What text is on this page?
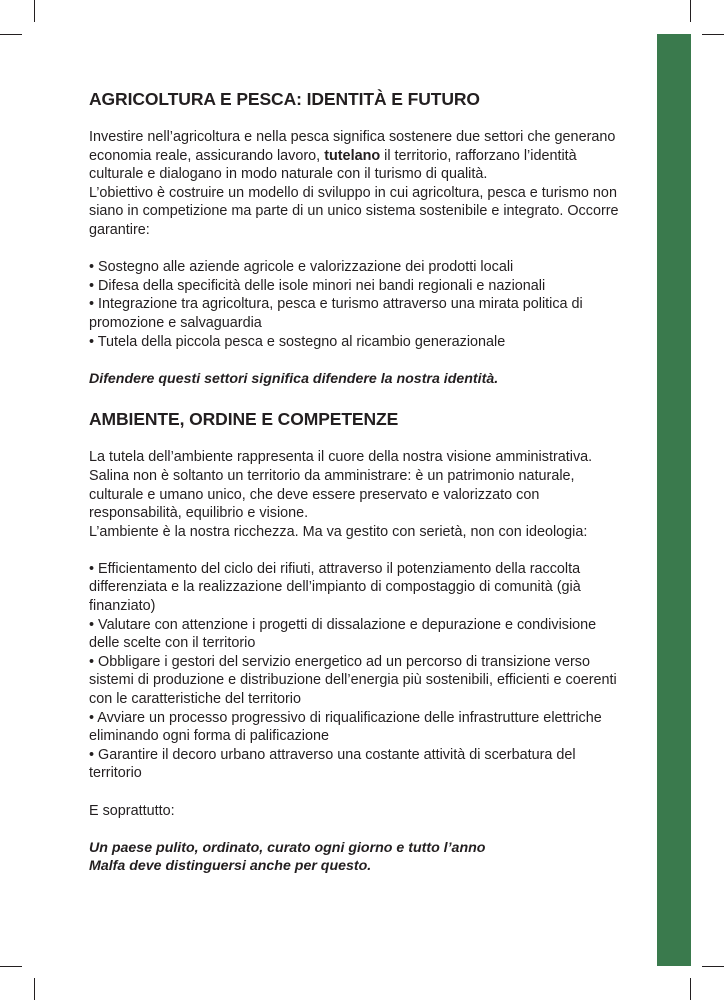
AGRICOLTURA E PESCA: IDENTITÀ E FUTURO

Investire nell’agricoltura e nella pesca significa sostenere due settori che generano economia reale, assicurando lavoro, tutelano il territorio, rafforzano l’identità culturale e dialogano in modo naturale con il turismo di qualità.

L’obiettivo è costruire un modello di sviluppo in cui agricoltura, pesca e turismo non siano in competizione ma parte di un unico sistema sostenibile e integrato. Occorre garantire:

• Sostegno alle aziende agricole e valorizzazione dei prodotti locali
• Difesa della specificità delle isole minori nei bandi regionali e nazionali
• Integrazione tra agricoltura, pesca e turismo attraverso una mirata politica di promozione e salvaguardia
• Tutela della piccola pesca e sostegno al ricambio generazionale

Difendere questi settori significa difendere la nostra identità.
AMBIENTE, ORDINE E COMPETENZE

La tutela dell’ambiente rappresenta il cuore della nostra visione amministrativa. Salina non è soltanto un territorio da amministrare: è un patrimonio naturale, culturale e umano unico, che deve essere preservato e valorizzato con responsabilità, equilibrio e visione.

L’ambiente è la nostra ricchezza. Ma va gestito con serietà, non con ideologia:

• Efficientamento del ciclo dei rifiuti, attraverso il potenziamento della raccolta differenziata e la realizzazione dell’impianto di compostaggio di comunità (già finanziato)
• Valutare con attenzione i progetti di dissalazione e depurazione e condivisione delle scelte con il territorio
• Obbligare i gestori del servizio energetico ad un percorso di transizione verso sistemi di produzione e distribuzione dell’energia più sostenibili, efficienti e coerenti con le caratteristiche del territorio
• Avviare un processo progressivo di riqualificazione delle infrastrutture elettriche eliminando ogni forma di palificazione
• Garantire il decoro urbano attraverso una costante attività di scerbatura del territorio

E soprattutto:

Un paese pulito, ordinato, curato ogni giorno e tutto l’anno
Malfa deve distinguersi anche per questo.
